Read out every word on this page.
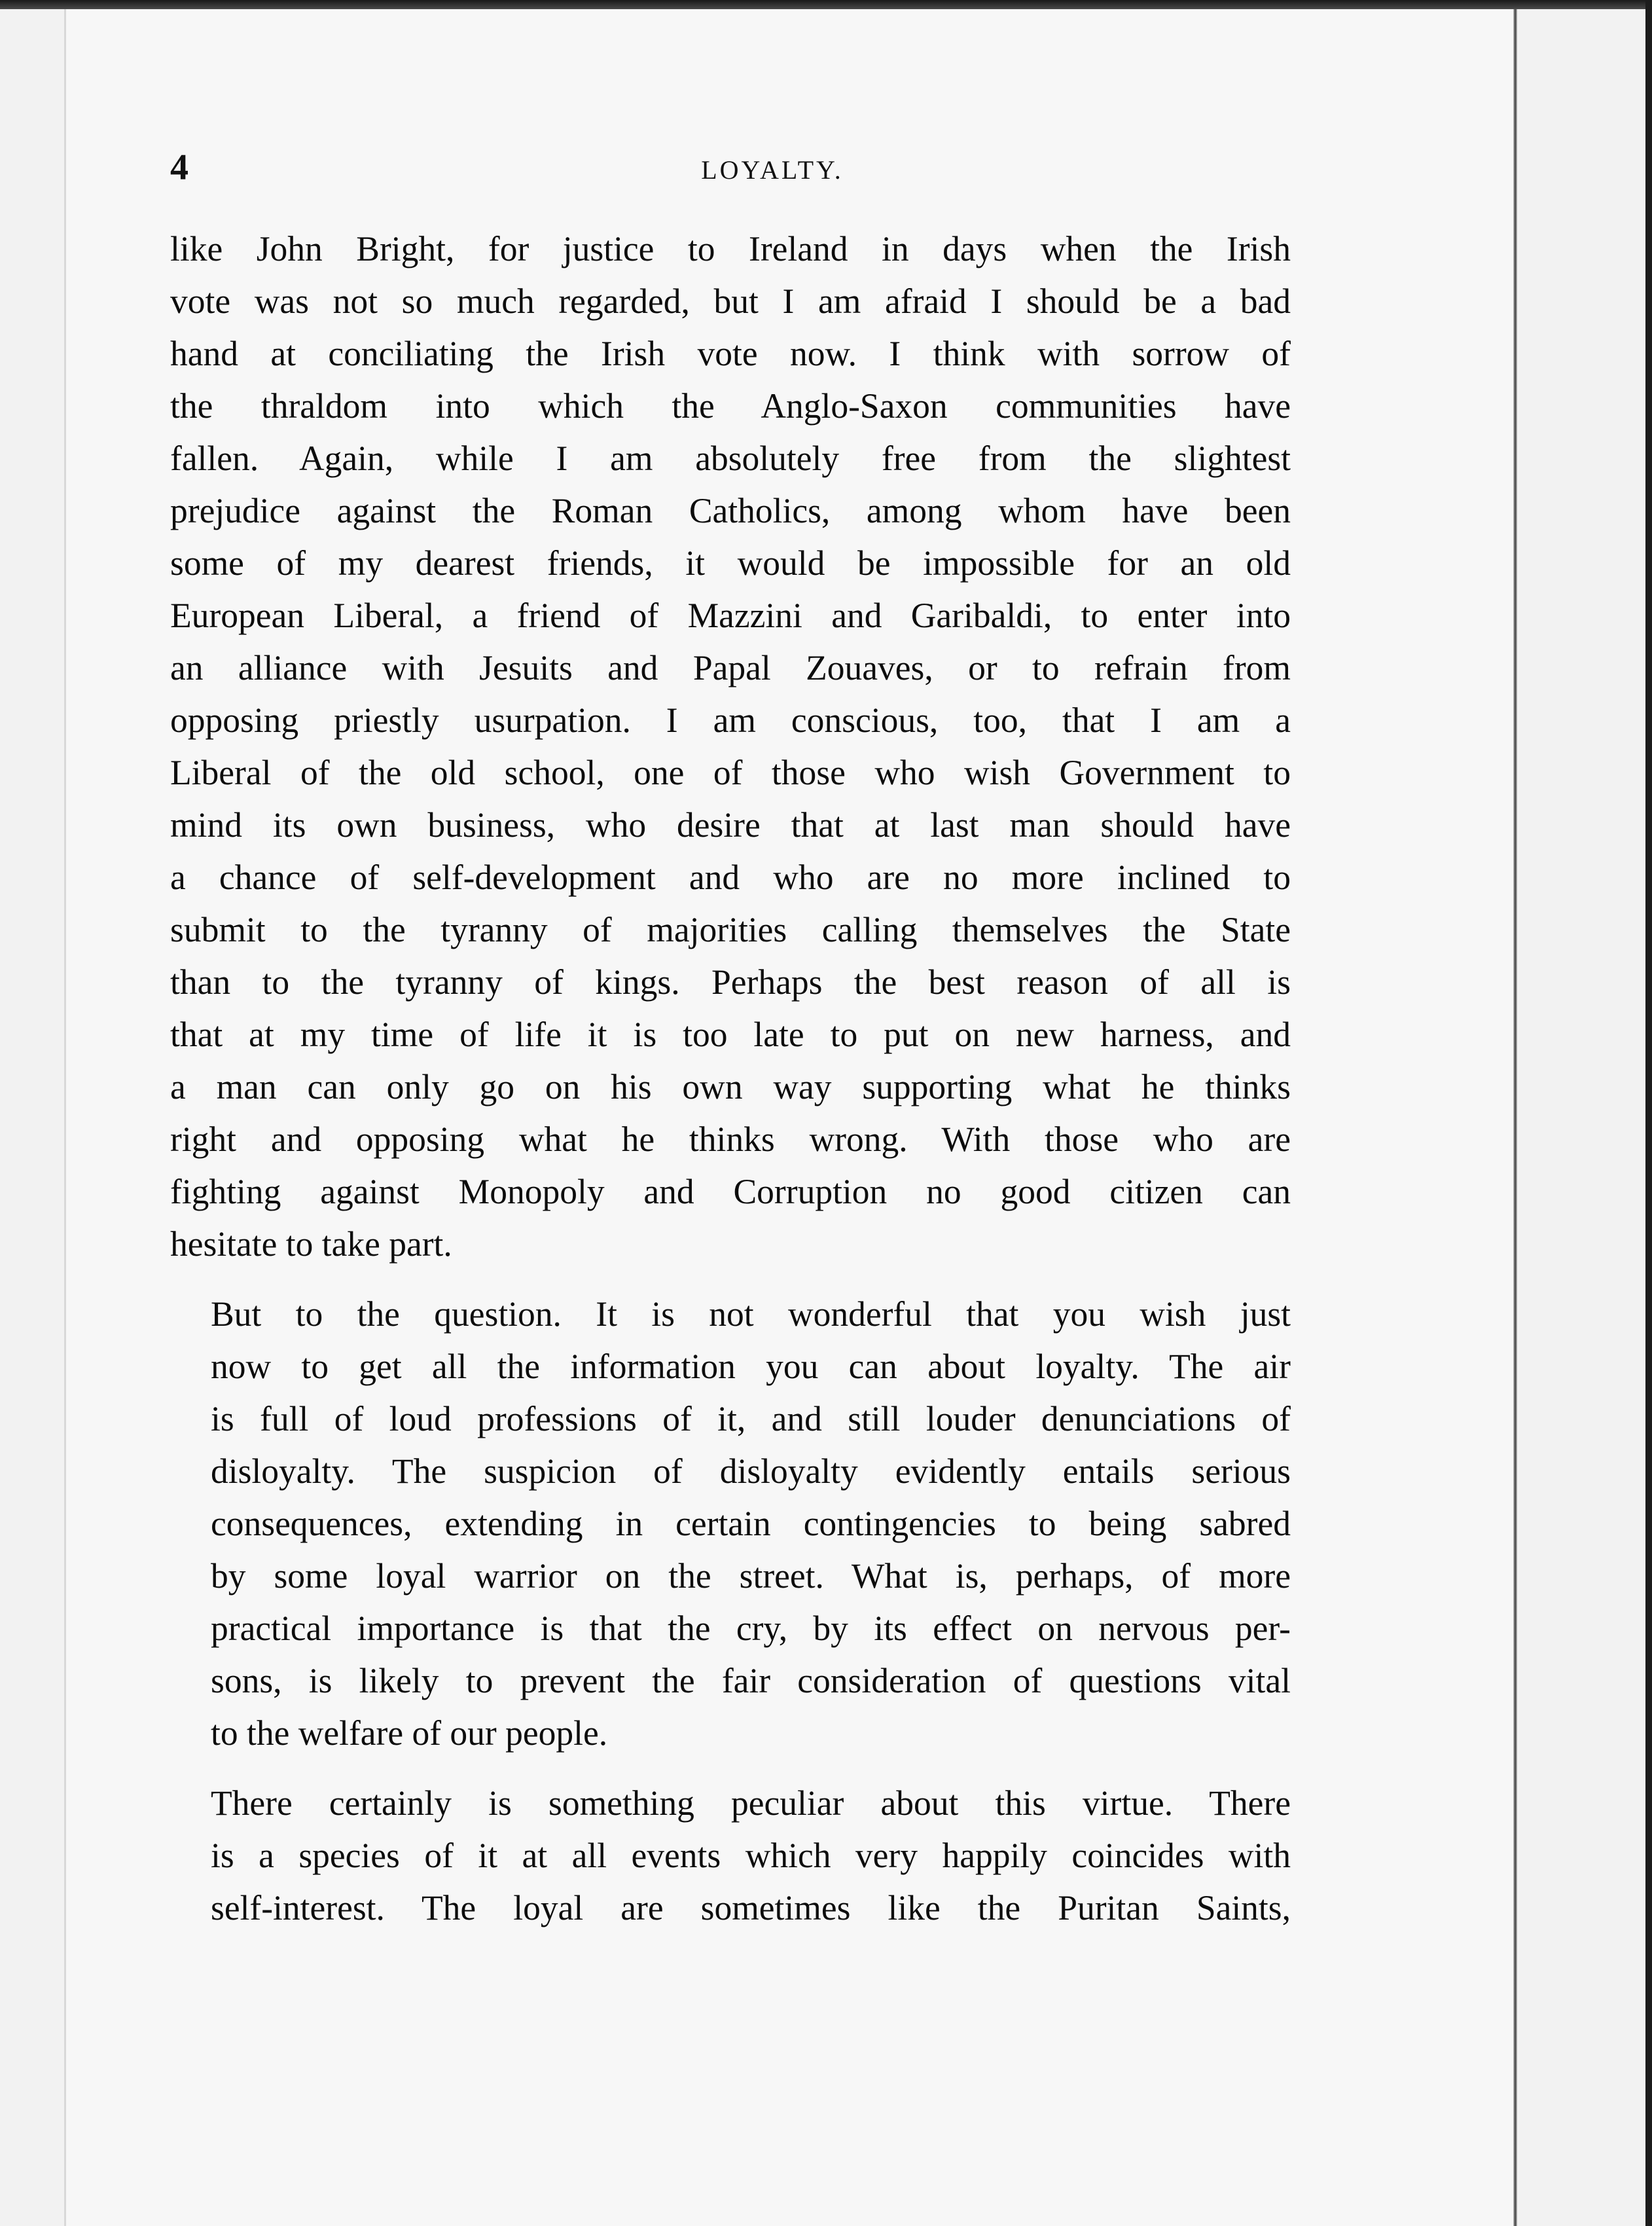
4	LOYALTY.
like John Bright, for justice to Ireland in days when the Irish
vote was not so much regarded, but I am afraid I should be a bad
hand at conciliating the Irish vote now. I think with sorrow of
the thraldom into which the Anglo-Saxon communities have
fallen. Again, while I am absolutely free from the slightest
prejudice against the Roman Catholics, among whom have been
some of my dearest friends, it would be impossible for an old
European Liberal, a friend of Mazzini and Garibaldi, to enter into
an alliance with Jesuits and Papal Zouaves, or to refrain from
opposing priestly usurpation. I am conscious, too, that I am a
Liberal of the old school, one of those who wish Government to
mind its own business, who desire that at last man should have
a chance of self-development and who are no more inclined to
submit to the tyranny of majorities calling themselves the State
than to the tyranny of kings. Perhaps the best reason of all is
that at my time of life it is too late to put on new harness, and
a man can only go on his own way supporting what he thinks
right and opposing what he thinks wrong. With those who are
fighting against Monopoly and Corruption no good citizen can
hesitate to take part.
But to the question. It is not wonderful that you wish just
now to get all the information you can about loyalty. The air
is full of loud professions of it, and still louder denunciations of
disloyalty. The suspicion of disloyalty evidently entails serious
consequences, extending in certain contingencies to being sabred
by some loyal warrior on the street. What is, perhaps, of more
practical importance is that the cry, by its effect on nervous per-
sons, is likely to prevent the fair consideration of questions vital
to the welfare of our people.
There certainly is something peculiar about this virtue. There
is a species of it at all events which very happily coincides with
self-interest. The loyal are sometimes like the Puritan Saints,
